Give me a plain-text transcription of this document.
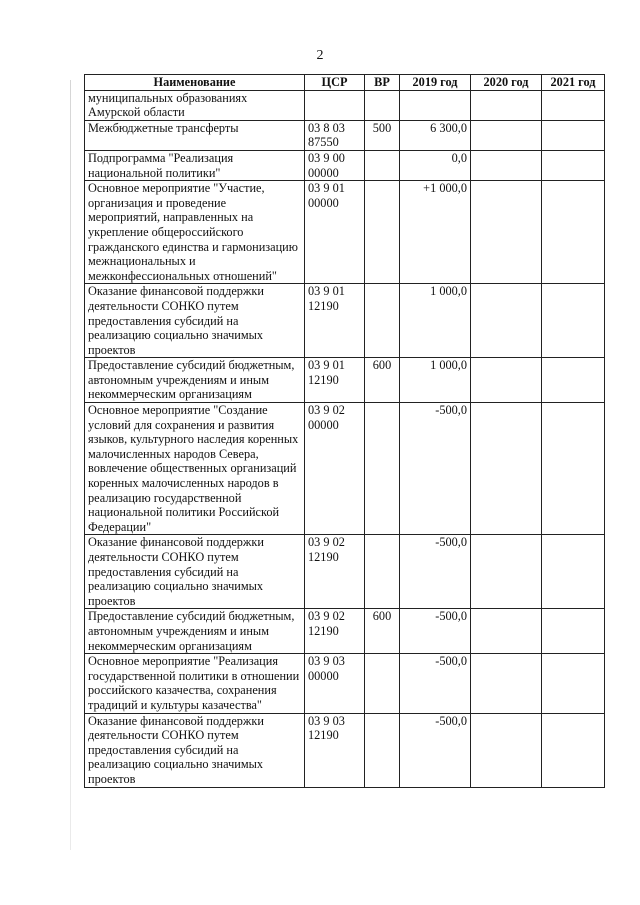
2
Наименование	ЦСР	ВР	2019 год	2020 год	2021 год
муниципальных образованиях Амурской области					
Межбюджетные трансферты	03 8 03 87550	500	6 300,0		
Подпрограмма "Реализация национальной политики"	03 9 00 00000		0,0		
Основное мероприятие "Участие, организация и проведение мероприятий, направленных на укрепление общероссийского гражданского единства и гармонизацию межнациональных и межконфессиональных отношений"	03 9 01 00000		+1 000,0		
Оказание финансовой поддержки деятельности СОНКО путем предоставления субсидий на реализацию социально значимых проектов	03 9 01 12190		1 000,0		
Предоставление субсидий бюджетным, автономным учреждениям и иным некоммерческим организациям	03 9 01 12190	600	1 000,0		
Основное мероприятие "Создание условий для сохранения и развития языков, культурного наследия коренных малочисленных народов Севера, вовлечение общественных организаций коренных малочисленных народов в реализацию государственной национальной политики Российской Федерации"	03 9 02 00000		-500,0		
Оказание финансовой поддержки деятельности СОНКО путем предоставления субсидий на реализацию социально значимых проектов	03 9 02 12190		-500,0		
Предоставление субсидий бюджетным, автономным учреждениям и иным некоммерческим организациям	03 9 02 12190	600	-500,0		
Основное мероприятие "Реализация государственной политики в отношении российского казачества, сохранения традиций и культуры казачества"	03 9 03 00000		-500,0		
Оказание финансовой поддержки деятельности СОНКО путем предоставления субсидий на реализацию социально значимых проектов	03 9 03 12190		-500,0		
